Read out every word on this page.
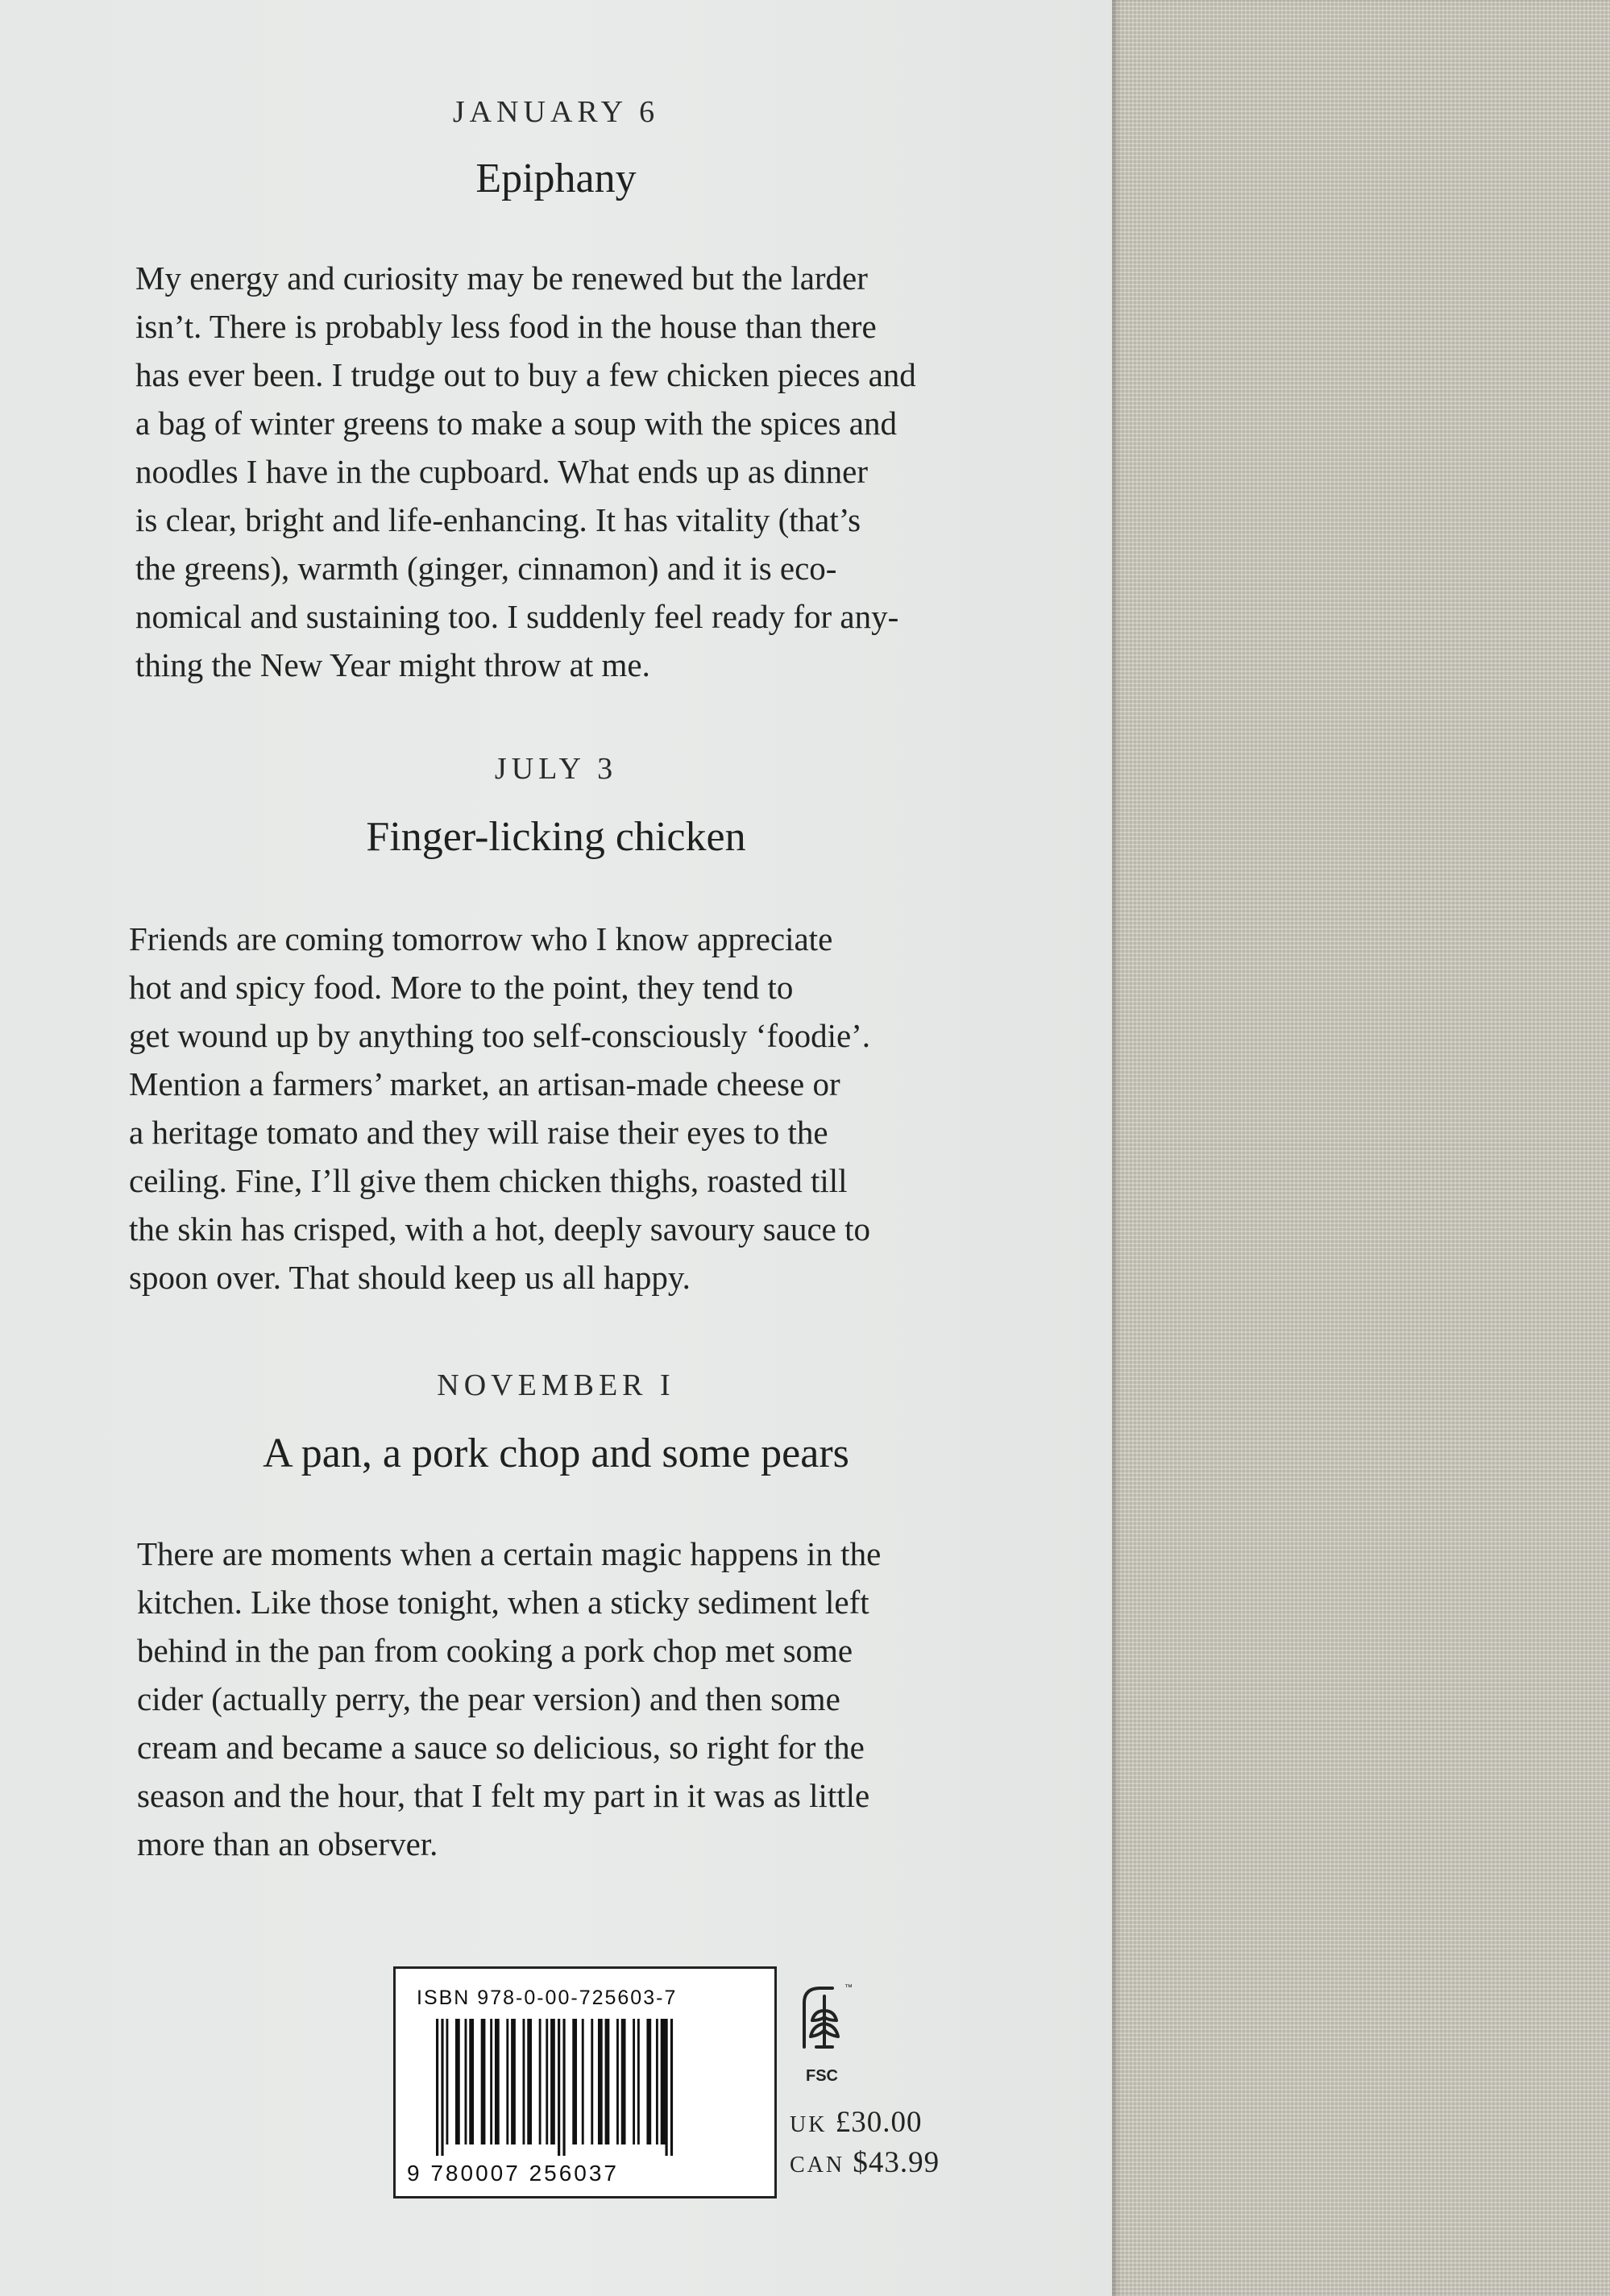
JANUARY 6

Epiphany

My energy and curiosity may be renewed but the larder
isn’t. There is probably less food in the house than there
has ever been. I trudge out to buy a few chicken pieces and
a bag of winter greens to make a soup with the spices and
noodles I have in the cupboard. What ends up as dinner
is clear, bright and life-enhancing. It has vitality (that’s
the greens), warmth (ginger, cinnamon) and it is eco-
nomical and sustaining too. I suddenly feel ready for any-
thing the New Year might throw at me.

JULY 3

Finger-licking chicken

Friends are coming tomorrow who I know appreciate
hot and spicy food. More to the point, they tend to
get wound up by anything too self-consciously ‘foodie’.
Mention a farmers’ market, an artisan-made cheese or
a heritage tomato and they will raise their eyes to the
ceiling. Fine, I’ll give them chicken thighs, roasted till
the skin has crisped, with a hot, deeply savoury sauce to
spoon over. That should keep us all happy.

NOVEMBER I

A pan, a pork chop and some pears

There are moments when a certain magic happens in the
kitchen. Like those tonight, when a sticky sediment left
behind in the pan from cooking a pork chop met some
cider (actually perry, the pear version) and then some
cream and became a sauce so delicious, so right for the
season and the hour, that I felt my part in it was as little
more than an observer.

ISBN 978-0-00-725603-7
9 780007 256037
™
FSC
UK £30.00
CAN $43.99
